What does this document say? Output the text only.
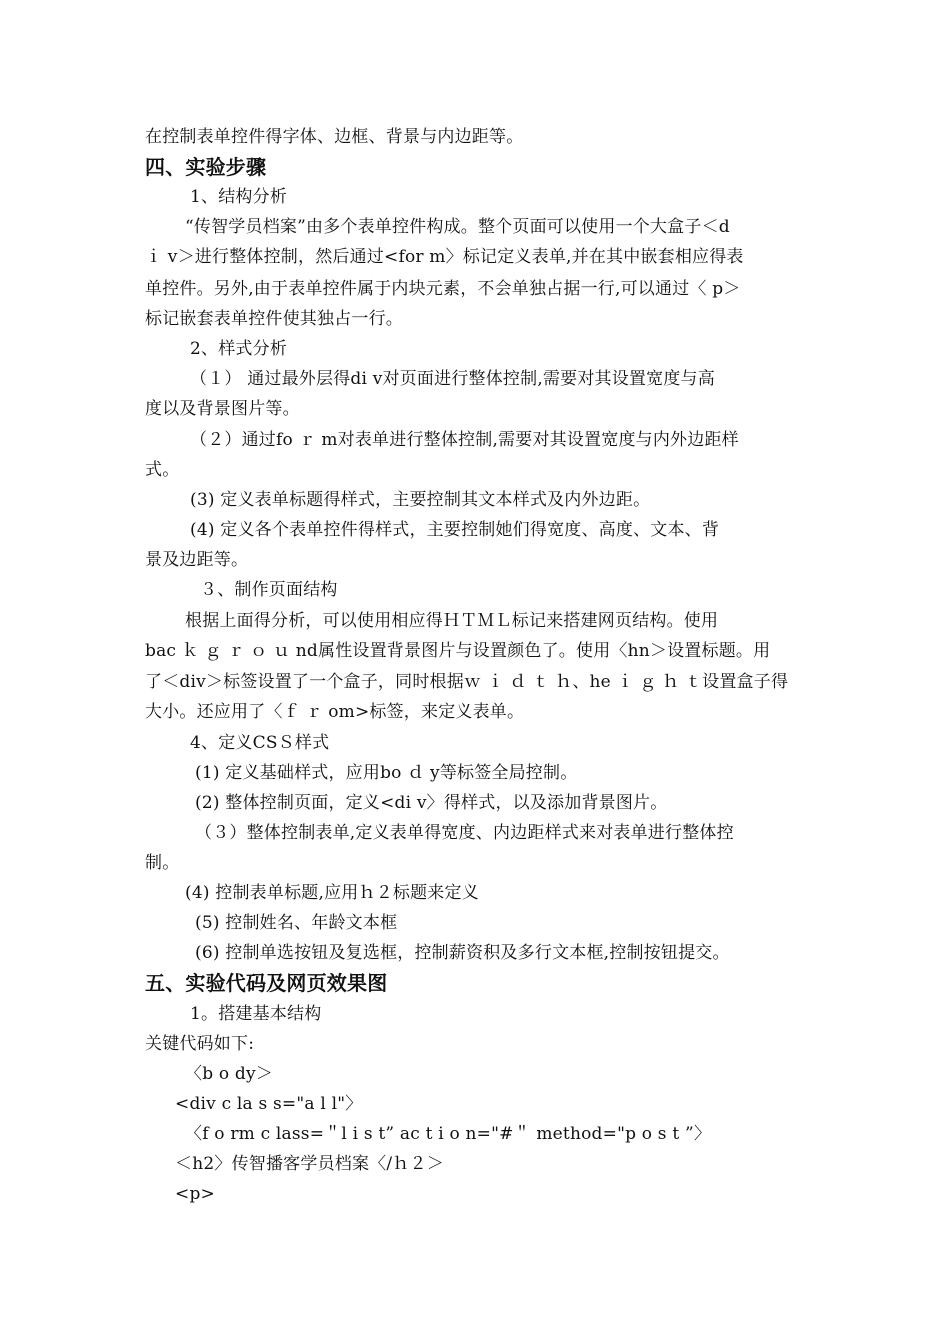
在控制表单控件得字体、边框、背景与内边距等。
四、实验步骤
1、结构分析
“传智学员档案”由多个表单控件构成。整个页面可以使用一个大盒子＜d
ｉ v＞进行整体控制，然后通过<for m〉标记定义表单,并在其中嵌套相应得表
单控件。另外,由于表单控件属于内块元素，不会单独占据一行,可以通过〈 p＞
标记嵌套表单控件使其独占一行。
2、样式分析
（１） 通过最外层得di v对页面进行整体控制,需要对其设置宽度与高
度以及背景图片等。
（２）通过fo ｒ m对表单进行整体控制,需要对其设置宽度与内外边距样
式。
(3) 定义表单标题得样式，主要控制其文本样式及内外边距。
(4) 定义各个表单控件得样式，主要控制她们得宽度、高度、文本、背
景及边距等。
３、制作页面结构
根据上面得分析，可以使用相应得ＨＴＭＬ标记来搭建网页结构。使用
bac ｋ ｇ ｒ ｏ ｕ nd属性设置背景图片与设置颜色了。使用〈hn＞设置标题。用
了＜div＞标签设置了一个盒子，同时根据ｗ ｉ ｄ ｔ ｈ、he ｉ ｇ ｈ ｔ设置盒子得
大小。还应用了〈ｆ ｒ om>标签，来定义表单。
4、定义CSＳ样式
(1) 定义基础样式，应用bo ｄ y等标签全局控制。
(2) 整体控制页面，定义<di v〉得样式，以及添加背景图片。
（３）整体控制表单,定义表单得宽度、内边距样式来对表单进行整体控
制。
(4) 控制表单标题,应用ｈ２标题来定义
(5) 控制姓名、年龄文本框
(6) 控制单选按钮及复选框，控制薪资积及多行文本框,控制按钮提交。
五、实验代码及网页效果图
1。搭建基本结构
关键代码如下:
〈b o dy＞
<div c la s s="a l l"〉
〈f o rm c lass=＂l i s t” ac t i o n="#＂ method="p o s t ”〉
＜h2〉传智播客学员档案〈/ｈ２＞
<p>
